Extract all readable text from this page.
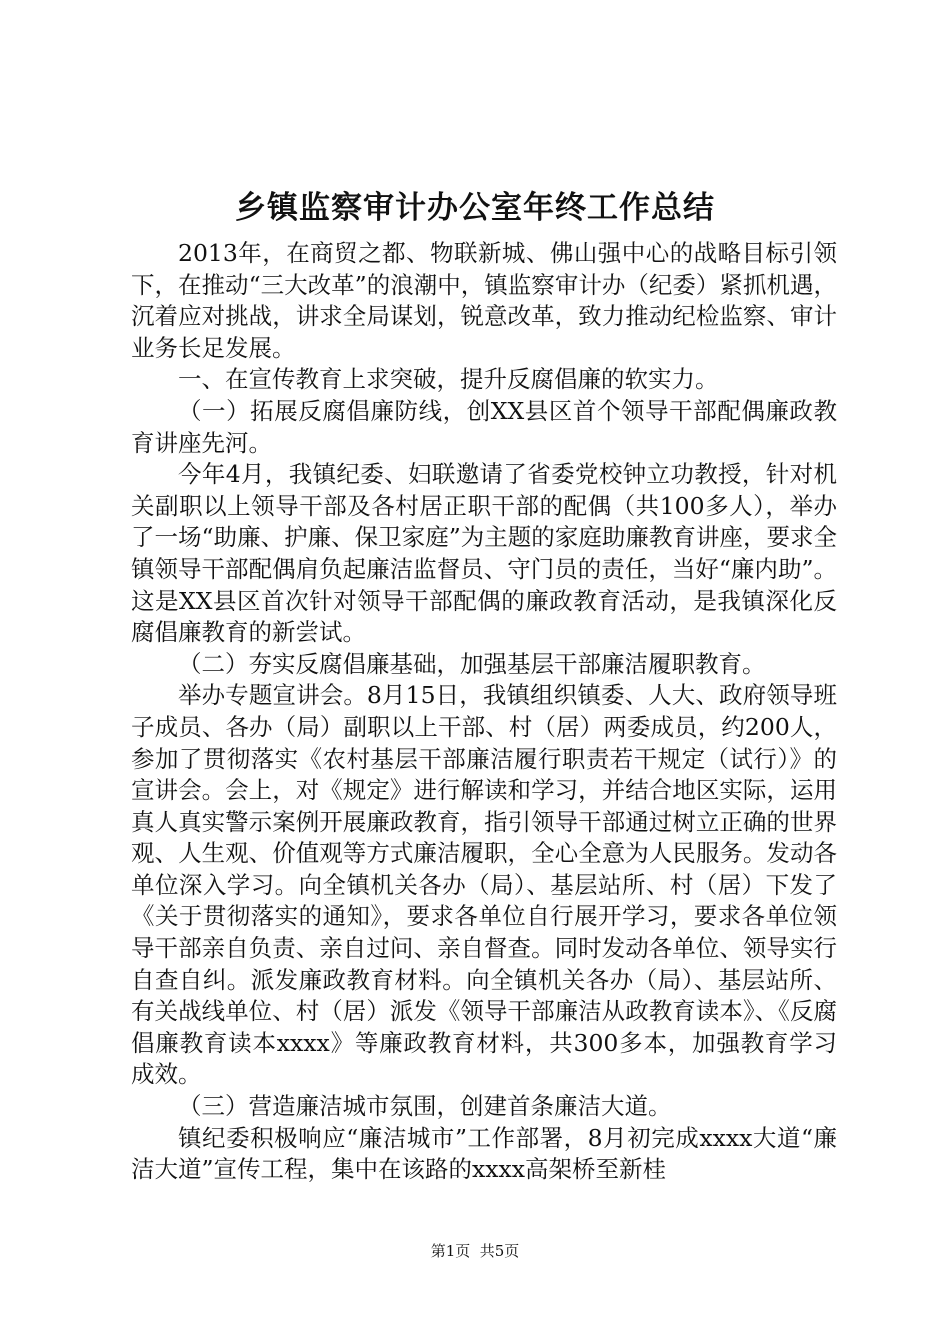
乡镇监察审计办公室年终工作总结

2013年，在商贸之都、物联新城、佛山强中心的战略目标引领下，在推动“三大改革”的浪潮中，镇监察审计办（纪委）紧抓机遇，沉着应对挑战，讲求全局谋划，锐意改革，致力推动纪检监察、审计业务长足发展。

一、在宣传教育上求突破，提升反腐倡廉的软实力。

（一）拓展反腐倡廉防线，创XX县区首个领导干部配偶廉政教育讲座先河。

今年4月，我镇纪委、妇联邀请了省委党校钟立功教授，针对机关副职以上领导干部及各村居正职干部的配偶（共100多人），举办了一场“助廉、护廉、保卫家庭”为主题的家庭助廉教育讲座，要求全镇领导干部配偶肩负起廉洁监督员、守门员的责任，当好“廉内助”。这是XX县区首次针对领导干部配偶的廉政教育活动，是我镇深化反腐倡廉教育的新尝试。

（二）夯实反腐倡廉基础，加强基层干部廉洁履职教育。

举办专题宣讲会。8月15日，我镇组织镇委、人大、政府领导班子成员、各办（局）副职以上干部、村（居）两委成员，约200人，参加了贯彻落实《农村基层干部廉洁履行职责若干规定（试行）》的宣讲会。会上，对《规定》进行解读和学习，并结合地区实际，运用真人真实警示案例开展廉政教育，指引领导干部通过树立正确的世界观、人生观、价值观等方式廉洁履职，全心全意为人民服务。发动各单位深入学习。向全镇机关各办（局）、基层站所、村（居）下发了《关于贯彻落实的通知》，要求各单位自行展开学习，要求各单位领导干部亲自负责、亲自过问、亲自督查。同时发动各单位、领导实行自查自纠。派发廉政教育材料。向全镇机关各办（局）、基层站所、有关战线单位、村（居）派发《领导干部廉洁从政教育读本》、《反腐倡廉教育读本xxxx》等廉政教育材料，共300多本，加强教育学习成效。

（三）营造廉洁城市氛围，创建首条廉洁大道。

镇纪委积极响应“廉洁城市”工作部署，8月初完成xxxx大道“廉洁大道”宣传工程，集中在该路的xxxx高架桥至新桂

第1页  共5页
